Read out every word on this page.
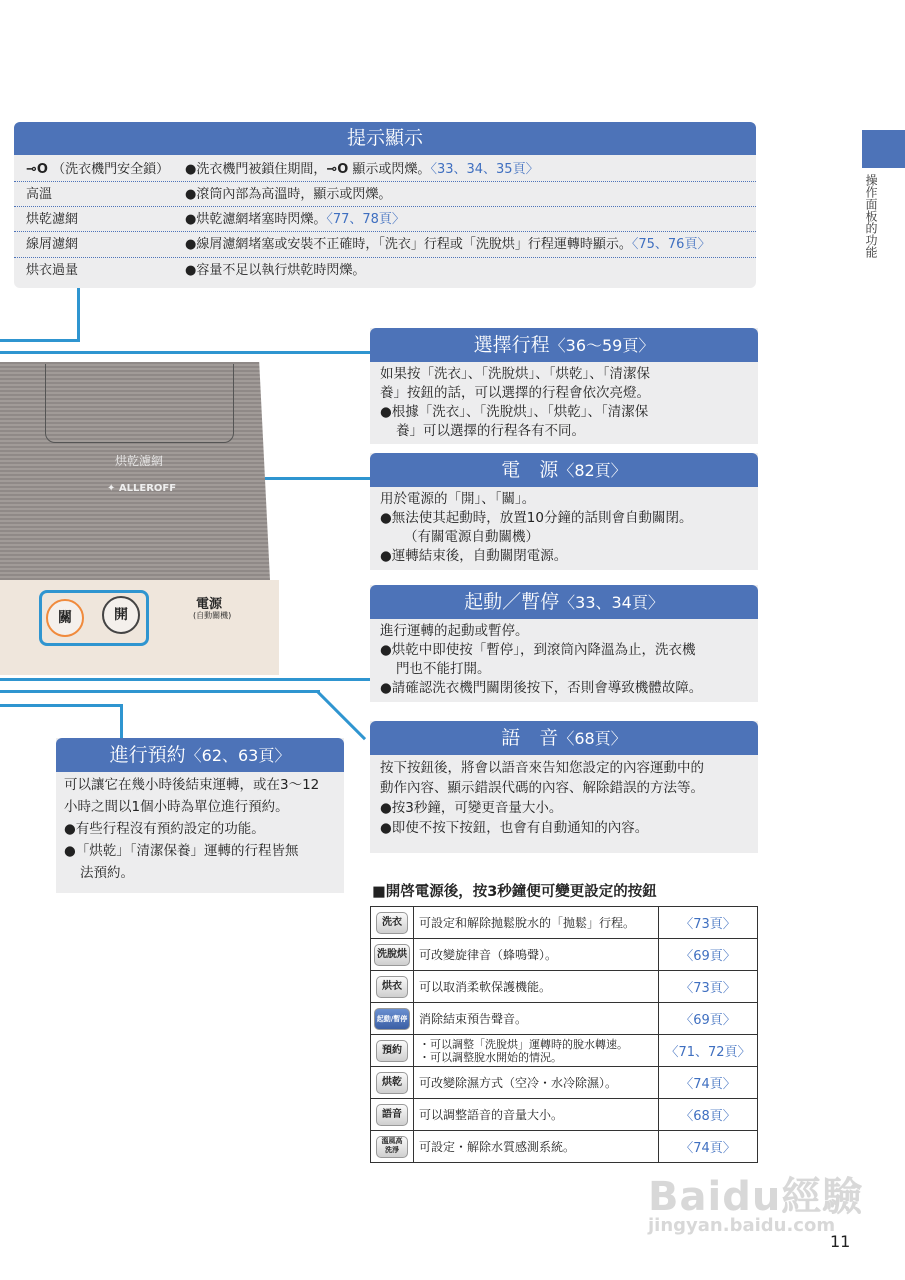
操作面板的功能
提示顯示
⊸O （洗衣機門安全鎖） ●洗衣機門被鎖住期間，⊸O 顯示或閃爍。〈33、34、35頁〉
高溫	●滾筒內部為高溫時，顯示或閃爍。
烘乾濾網	●烘乾濾網堵塞時閃爍。〈77、78頁〉
線屑濾網	●線屑濾網堵塞或安裝不正確時，「洗衣」行程或「洗脫烘」行程運轉時顯示。〈75、76頁〉
烘衣過量	●容量不足以執行烘乾時閃爍。
烘乾濾網
✦ ALLEROFF
關	開
電源
(自動關機)
選擇行程〈36～59頁〉
如果按「洗衣」、「洗脫烘」、「烘乾」、「清潔保
養」按鈕的話，可以選擇的行程會依次亮燈。
●根據「洗衣」、「洗脫烘」、「烘乾」、「清潔保
養」可以選擇的行程各有不同。
電　源〈82頁〉
用於電源的「開」、「關」。
●無法使其起動時，放置10分鐘的話則會自動關閉。
（有關電源自動關機）
●運轉結束後，自動關閉電源。
起動／暫停〈33、34頁〉
進行運轉的起動或暫停。
●烘乾中即使按「暫停」，到滾筒內降溫為止，洗衣機
門也不能打開。
●請確認洗衣機門關閉後按下，否則會導致機體故障。
語　音〈68頁〉
按下按鈕後，將會以語音來告知您設定的內容運動中的
動作內容、顯示錯誤代碼的內容、解除錯誤的方法等。
●按3秒鐘，可變更音量大小。
●即使不按下按鈕，也會有自動通知的內容。
進行預約〈62、63頁〉
可以讓它在幾小時後結束運轉，或在3～12
小時之間以1個小時為單位進行預約。
●有些行程沒有預約設定的功能。
●「烘乾」「清潔保養」運轉的行程皆無
法預約。
■開啓電源後，按3秒鐘便可變更設定的按鈕
洗衣	可設定和解除抛鬆脫水的「抛鬆」行程。	〈73頁〉
洗脫烘	可改變旋律音（蜂鳴聲）。	〈69頁〉
烘衣	可以取消柔軟保護機能。	〈73頁〉
起動/暫停	消除結束預告聲音。	〈69頁〉
預約	・可以調整「洗脫烘」運轉時的脫水轉速。
・可以調整脫水開始的情況。	〈71、72頁〉
烘乾	可改變除濕方式（空冷・水冷除濕）。	〈74頁〉
語音	可以調整語音的音量大小。	〈68頁〉
溫風高洗淨	可設定・解除水質感測系統。	〈74頁〉
Baidu經驗
jingyan.baidu.com
11
